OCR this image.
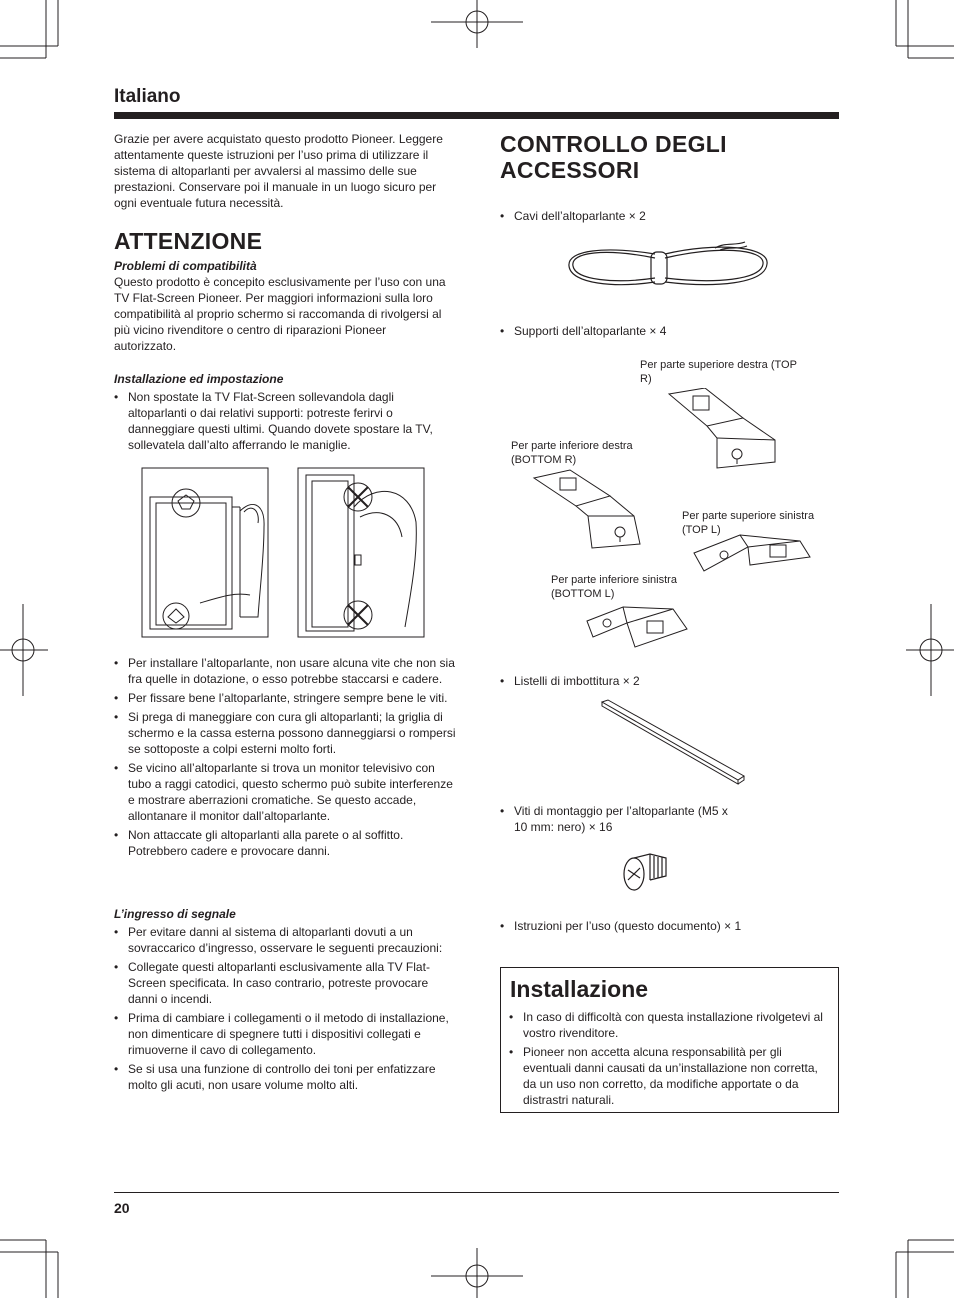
Italiano
Grazie per avere acquistato questo prodotto Pioneer. Leggere attentamente queste istruzioni per l’uso prima di utilizzare il sistema di altoparlanti per avvalersi al massimo delle sue prestazioni. Conservare poi il manuale in un luogo sicuro per ogni eventuale futura necessità.
ATTENZIONE
Problemi di compatibilità
Questo prodotto è concepito esclusivamente per l’uso con una TV Flat-Screen Pioneer. Per maggiori informazioni sulla loro compatibilità al proprio schermo si raccomanda di rivolgersi al più vicino rivenditore o centro di riparazioni Pioneer autorizzato.
Installazione ed impostazione
• Non spostate la TV Flat-Screen sollevandola dagli altoparlanti o dai relativi supporti: potreste ferirvi o danneggiare questi ultimi. Quando dovete spostare la TV, sollevatela dall’alto afferrando le maniglie.
• Per installare l’altoparlante, non usare alcuna vite che non sia fra quelle in dotazione, o esso potrebbe staccarsi e cadere.
• Per fissare bene l’altoparlante, stringere sempre bene le viti.
• Si prega di maneggiare con cura gli altoparlanti; la griglia di schermo e la cassa esterna possono danneggiarsi o rompersi se sottoposte a colpi esterni molto forti.
• Se vicino all’altoparlante si trova un monitor televisivo con tubo a raggi catodici, questo schermo può subite interferenze e mostrare aberrazioni cromatiche. Se questo accade, allontanare il monitor dall’altoparlante.
• Non attaccate gli altoparlanti alla parete o al soffitto. Potrebbero cadere e provocare danni.
L’ingresso di segnale
• Per evitare danni al sistema di altoparlanti dovuti a un sovraccarico d’ingresso, osservare le seguenti precauzioni:
• Collegate questi altoparlanti esclusivamente alla TV Flat-Screen specificata. In caso contrario, potreste provocare danni o incendi.
• Prima di cambiare i collegamenti o il metodo di installazione, non dimenticare di spegnere tutti i dispositivi collegati e rimuoverne il cavo di collegamento.
• Se si usa una funzione di controllo dei toni per enfatizzare molto gli acuti, non usare volume molto alti.
CONTROLLO DEGLI ACCESSORI
• Cavi dell’altoparlante × 2
• Supporti dell’altoparlante × 4
Per parte superiore destra (TOP R)
Per parte inferiore destra (BOTTOM R)
Per parte superiore sinistra (TOP L)
Per parte inferiore sinistra (BOTTOM L)
• Listelli di imbottitura × 2
• Viti di montaggio per l’altoparlante (M5 x 10 mm: nero) × 16
• Istruzioni per l’uso (questo documento) × 1
Installazione
• In caso di difficoltà con questa installazione rivolgetevi al vostro rivenditore.
• Pioneer non accetta alcuna responsabilità per gli eventuali danni causati da un’installazione non corretta, da un uso non corretto, da modifiche apportate o da distrastri naturali.
20
